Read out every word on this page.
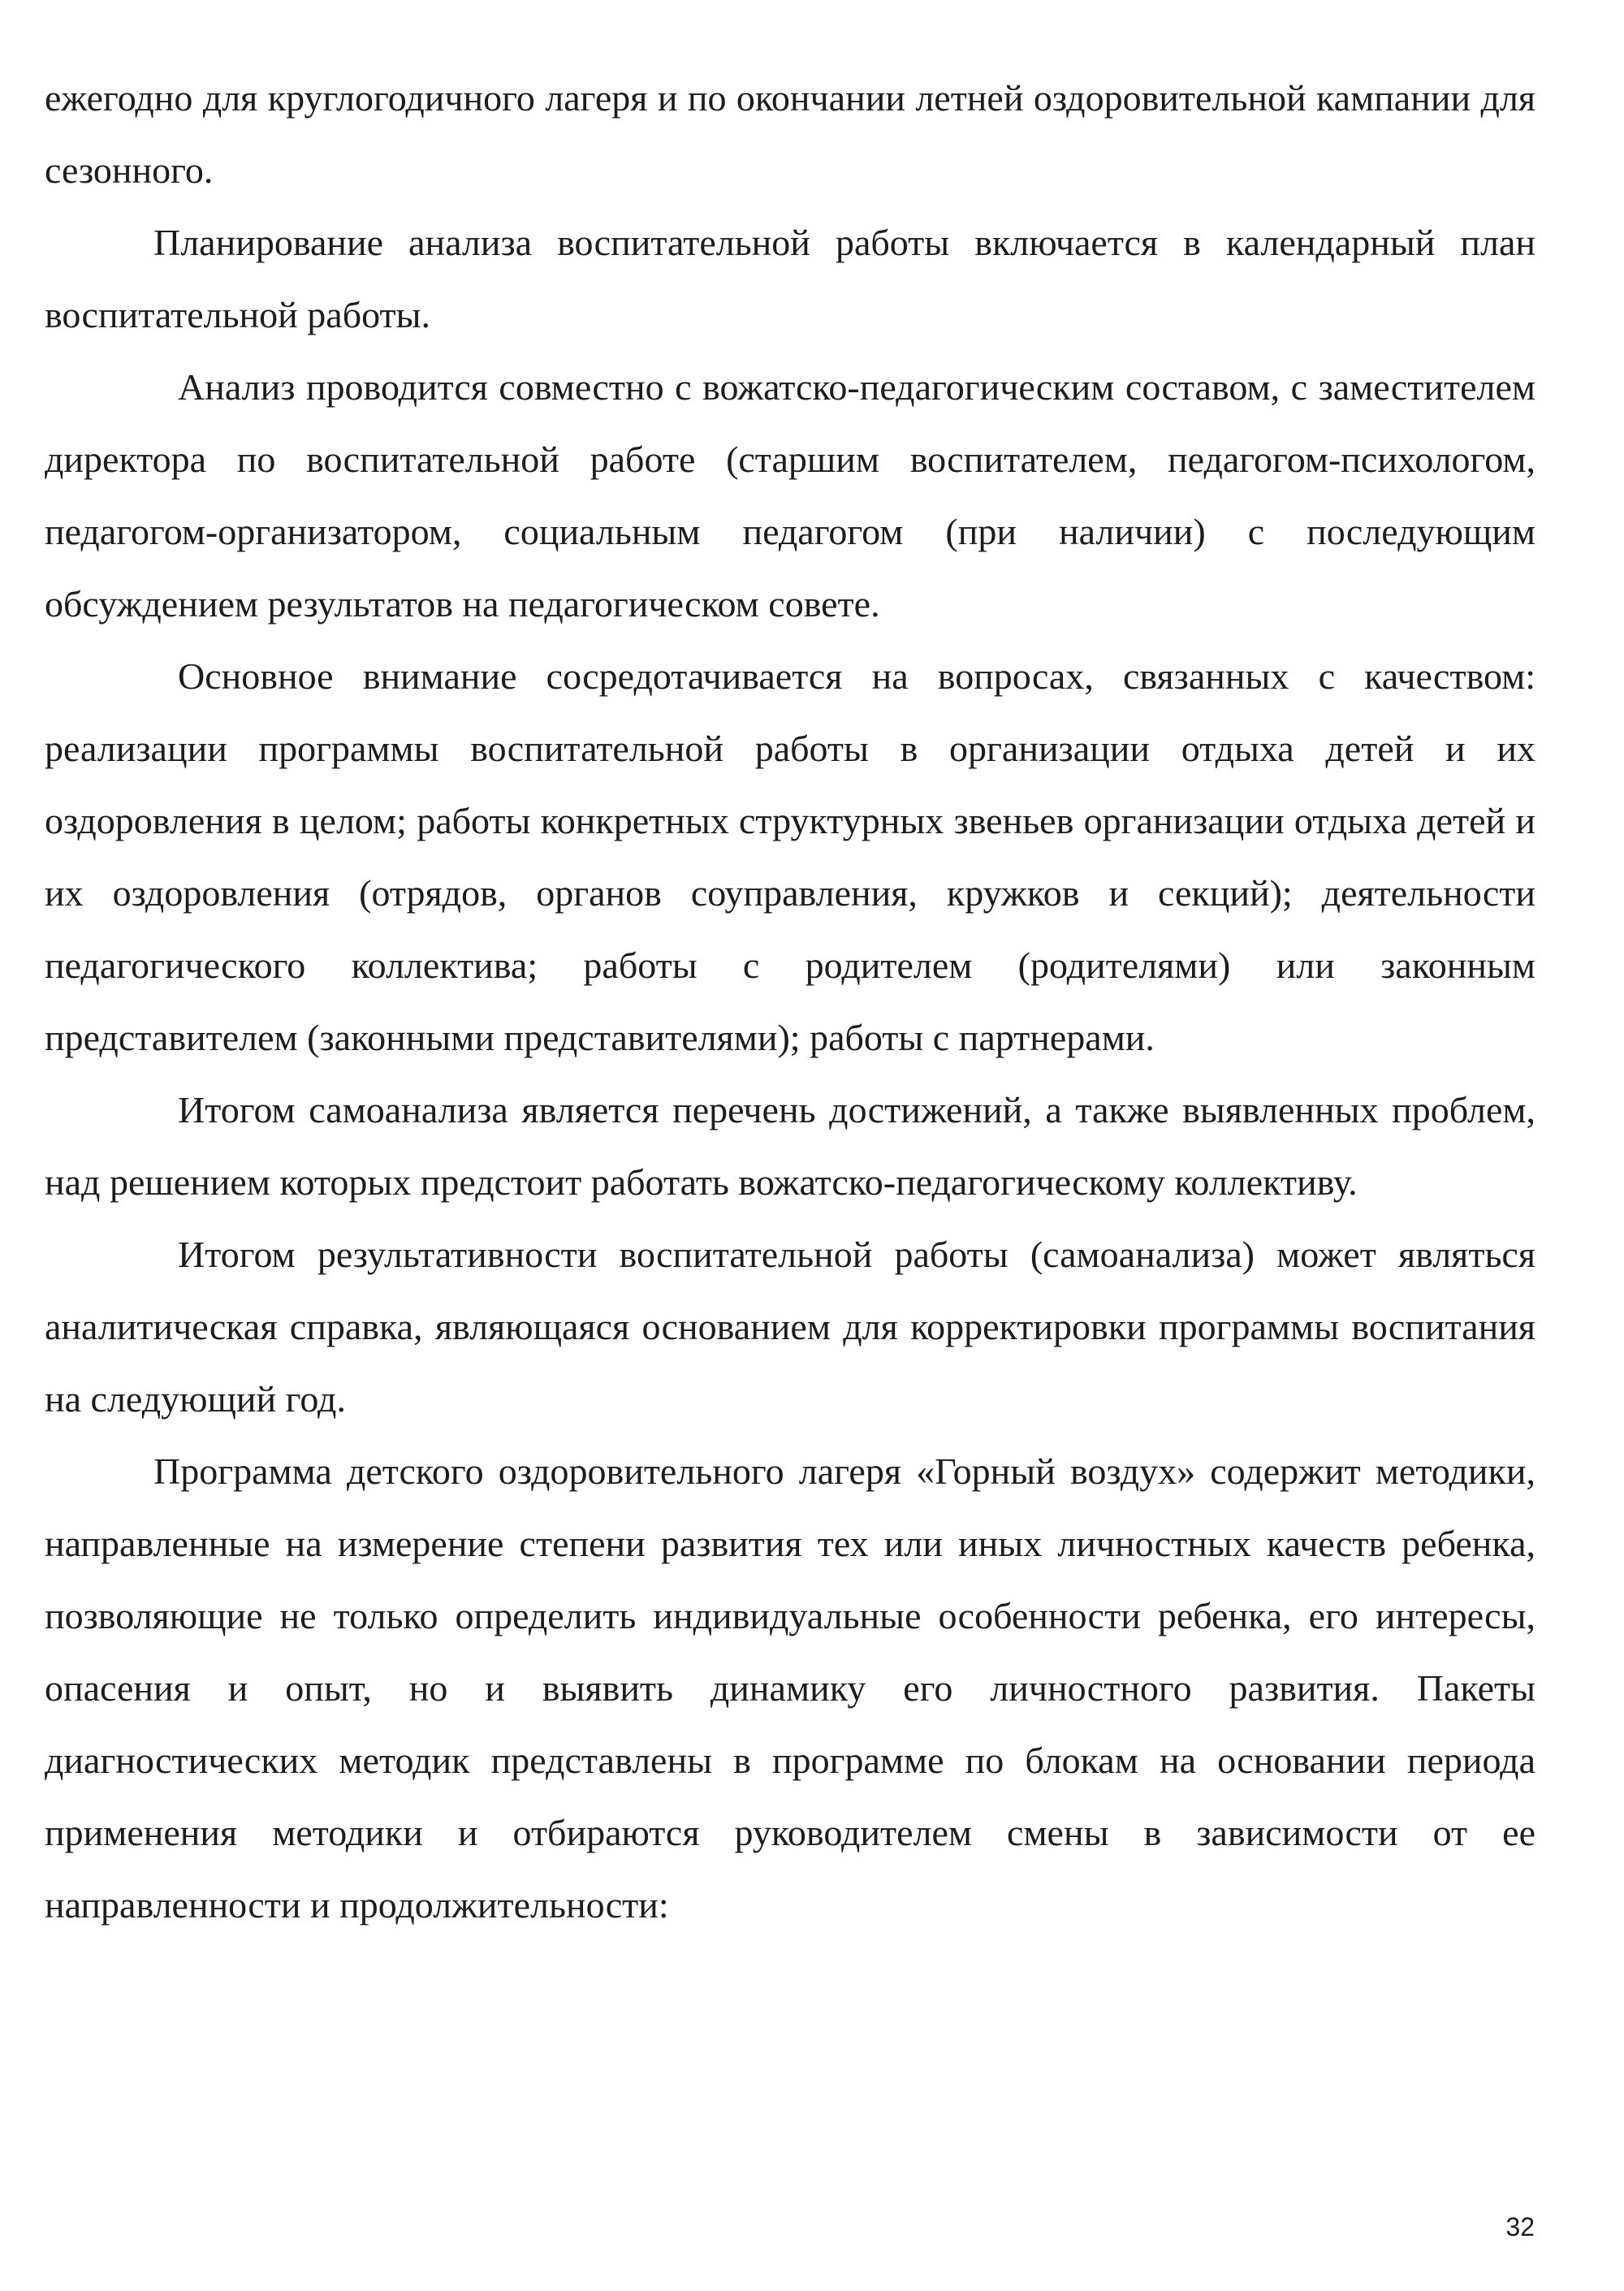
ежегодно для круглогодичного лагеря и по окончании летней оздоровительной кампании для сезонного.

Планирование анализа воспитательной работы включается в календарный план воспитательной работы.

Анализ проводится совместно с вожатско-педагогическим составом, с заместителем директора по воспитательной работе (старшим воспитателем, педагогом-психологом, педагогом-организатором, социальным педагогом (при наличии) с последующим обсуждением результатов на педагогическом совете.

Основное внимание сосредотачивается на вопросах, связанных с качеством: реализации программы воспитательной работы в организации отдыха детей и их оздоровления в целом; работы конкретных структурных звеньев организации отдыха детей и их оздоровления (отрядов, органов соуправления, кружков и секций); деятельности педагогического коллектива; работы с родителем (родителями) или законным представителем (законными представителями); работы с партнерами.

Итогом самоанализа является перечень достижений, а также выявленных проблем, над решением которых предстоит работать вожатско-педагогическому коллективу.

Итогом результативности воспитательной работы (самоанализа) может являться аналитическая справка, являющаяся основанием для корректировки программы воспитания на следующий год.

Программа детского оздоровительного лагеря «Горный воздух» содержит методики, направленные на измерение степени развития тех или иных личностных качеств ребенка, позволяющие не только определить индивидуальные особенности ребенка, его интересы, опасения и опыт, но и выявить динамику его личностного развития. Пакеты диагностических методик представлены в программе по блокам на основании периода применения методики и отбираются руководителем смены в зависимости от ее направленности и продолжительности:

32
